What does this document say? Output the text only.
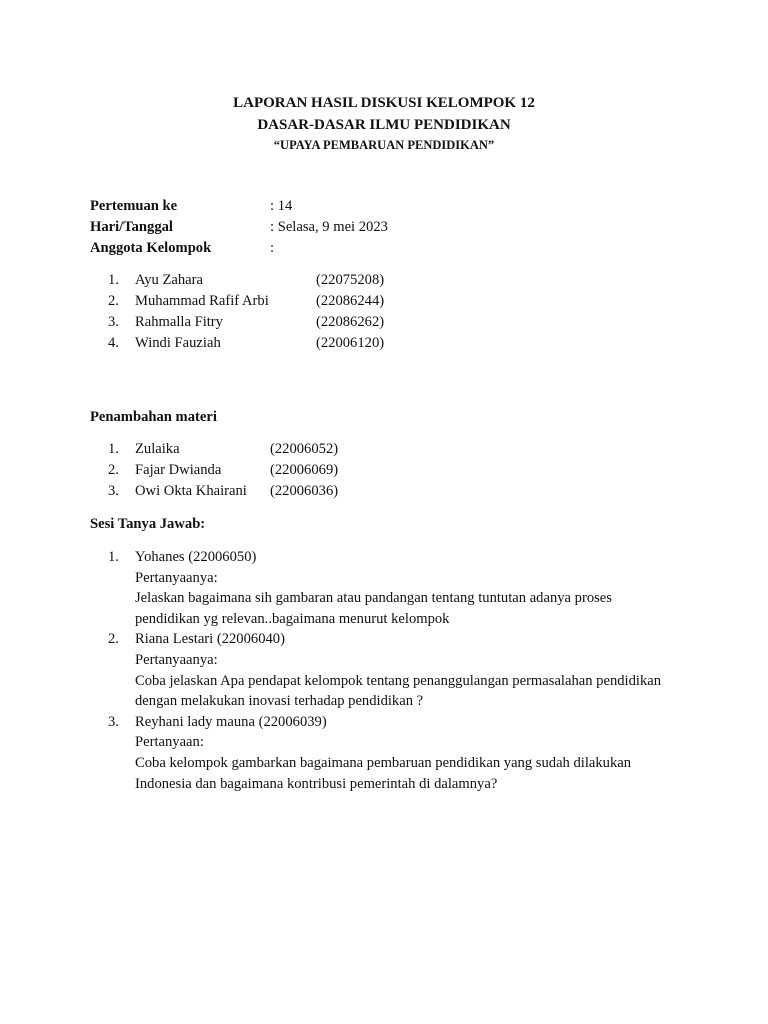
LAPORAN HASIL DISKUSI KELOMPOK 12
DASAR-DASAR ILMU PENDIDIKAN
“UPAYA PEMBARUAN PENDIDIKAN”
Pertemuan ke	: 14
Hari/Tanggal	: Selasa, 9 mei 2023
Anggota Kelompok	:
1.	Ayu Zahara	(22075208)
2.	Muhammad Rafif Arbi	(22086244)
3.	Rahmalla Fitry	(22086262)
4.	Windi Fauziah	(22006120)
Penambahan materi
1.	Zulaika	(22006052)
2.	Fajar Dwianda	(22006069)
3.	Owi Okta Khairani	(22006036)
Sesi Tanya Jawab:
1.	Yohanes (22006050)
Pertanyaanya:
Jelaskan bagaimana sih gambaran atau pandangan tentang tuntutan adanya proses pendidikan yg relevan..bagaimana menurut kelompok
2.	Riana Lestari (22006040)
Pertanyaanya:
Coba jelaskan Apa pendapat kelompok tentang penanggulangan permasalahan pendidikan dengan melakukan inovasi terhadap pendidikan ?
3.	Reyhani lady mauna (22006039)
Pertanyaan:
Coba kelompok gambarkan bagaimana pembaruan pendidikan yang sudah dilakukan Indonesia dan bagaimana kontribusi pemerintah di dalamnya?
